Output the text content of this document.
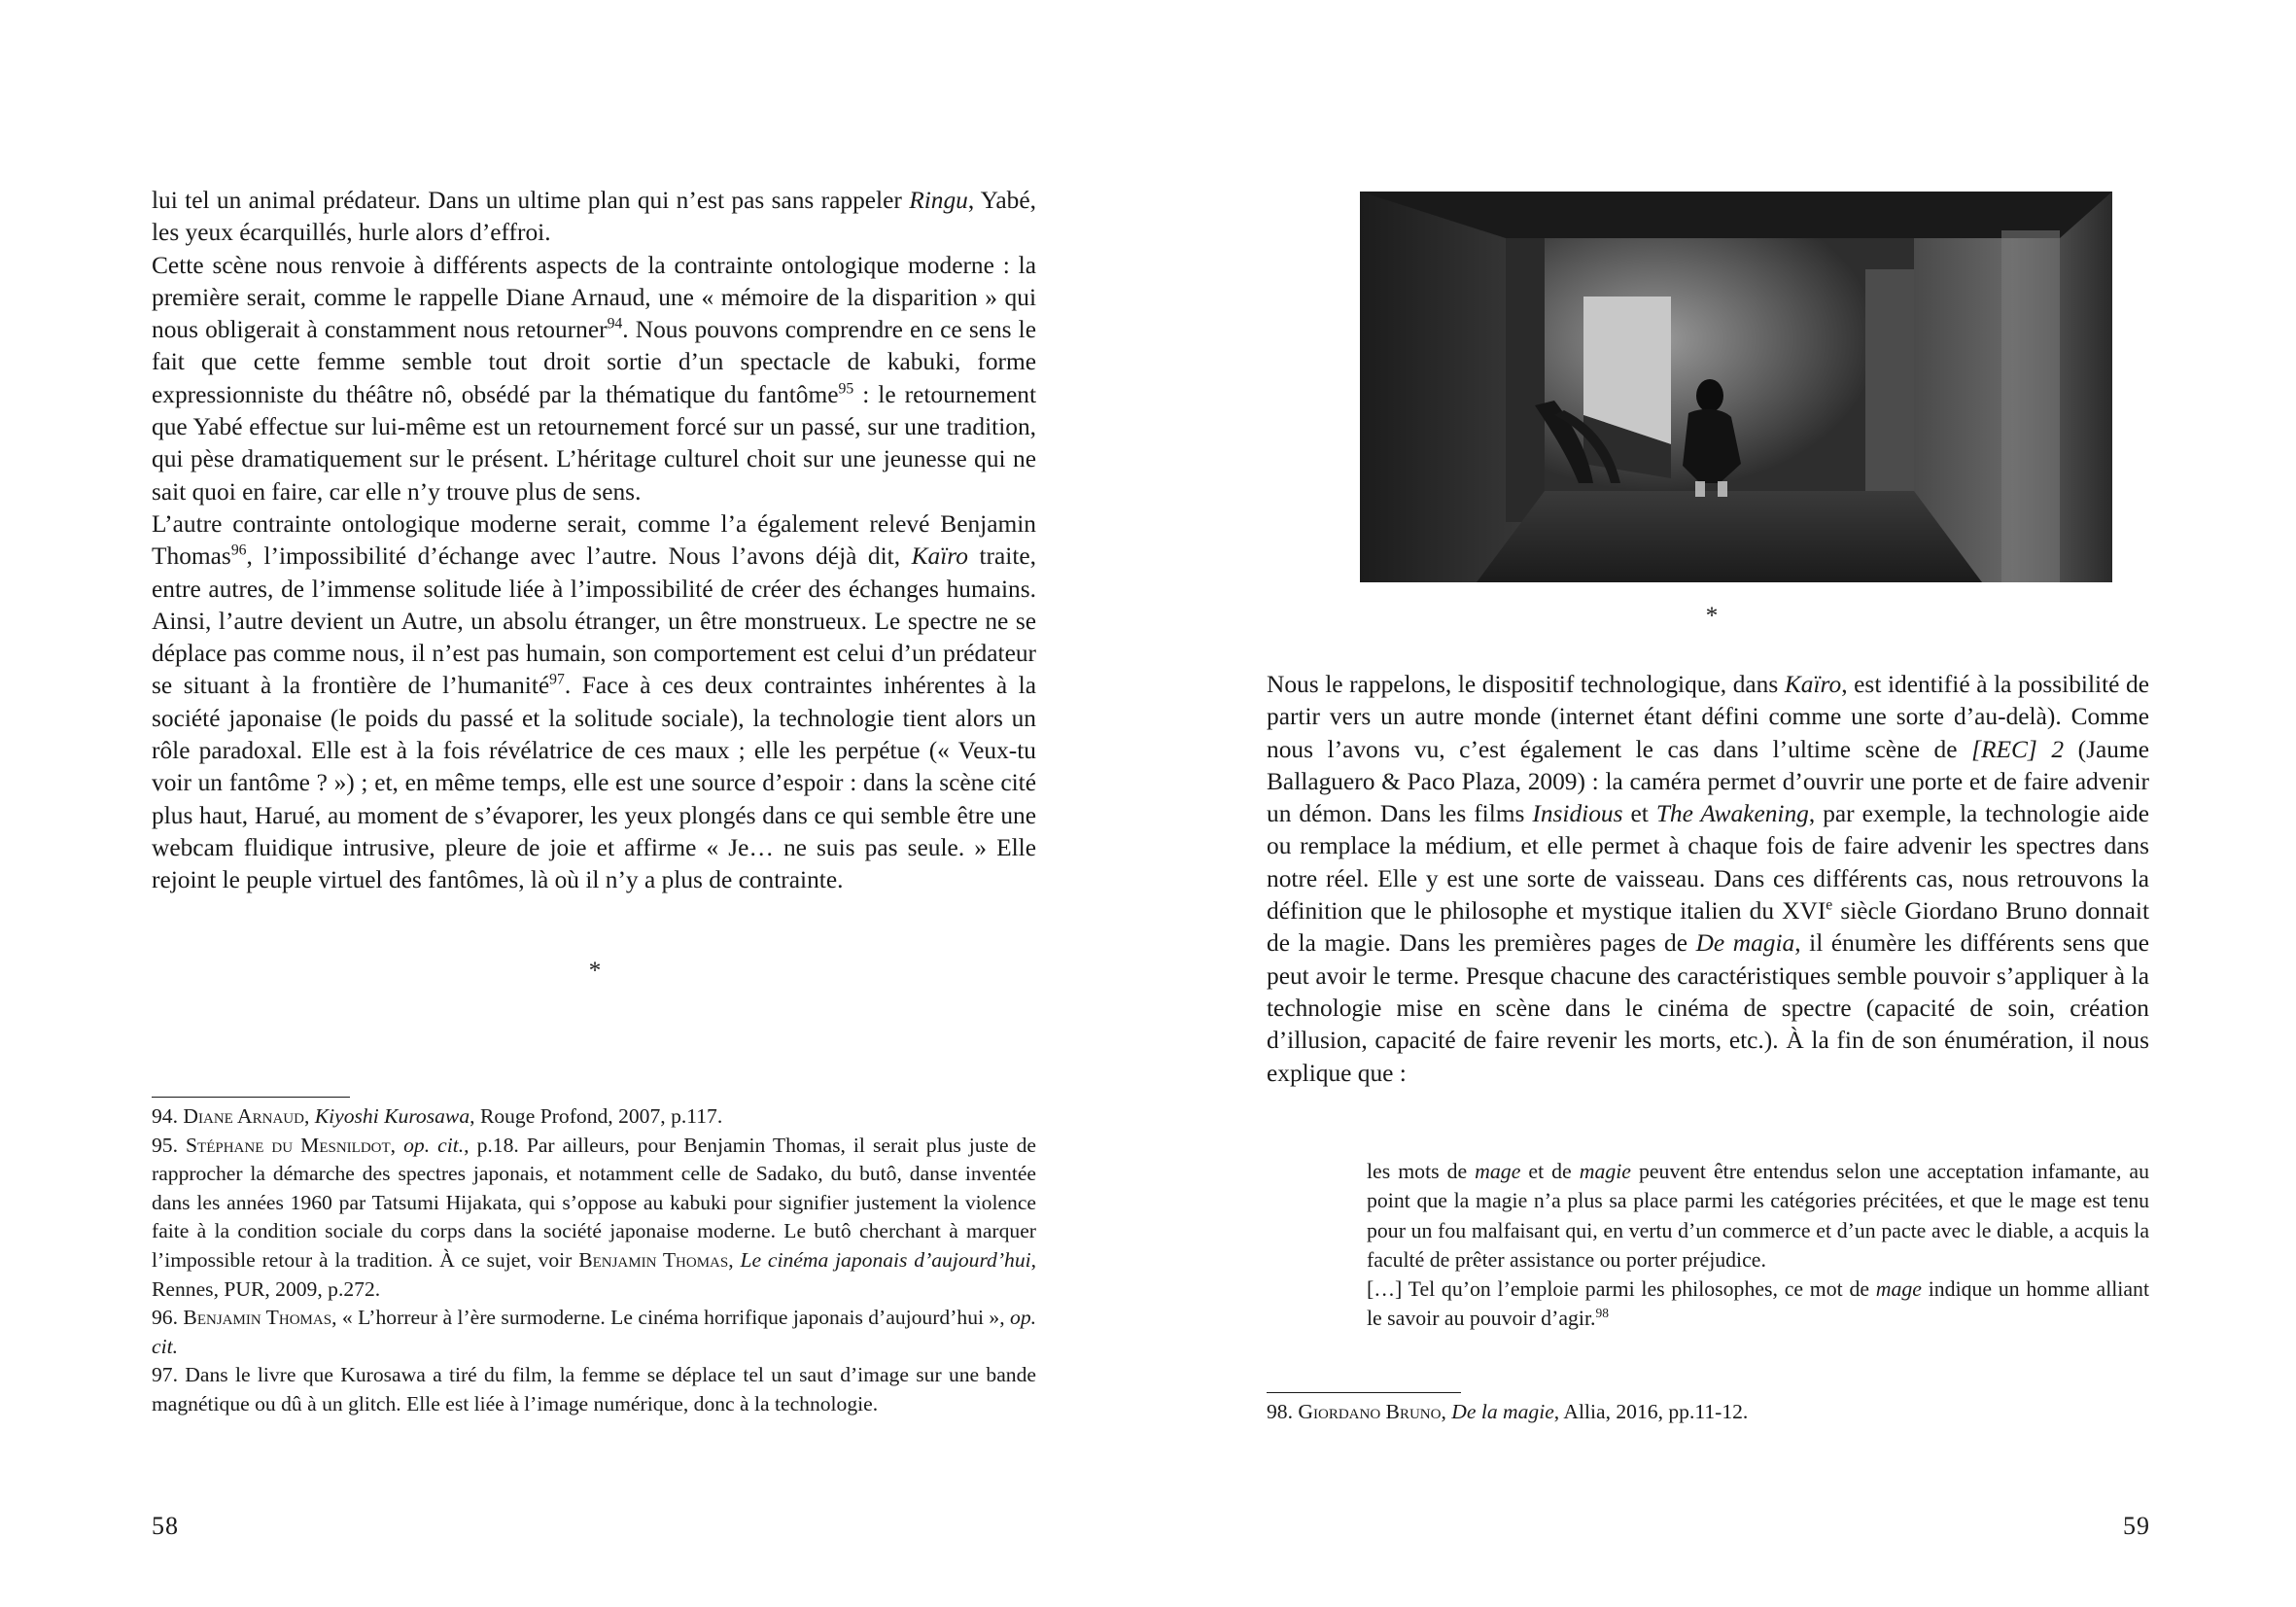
lui tel un animal prédateur. Dans un ultime plan qui n’est pas sans rappeler Ringu, Yabé, les yeux écarquillés, hurle alors d’effroi.

Cette scène nous renvoie à différents aspects de la contrainte ontologique moderne : la première serait, comme le rappelle Diane Arnaud, une « mémoire de la disparition » qui nous obligerait à constamment nous retourner$^{94}$. Nous pouvons comprendre en ce sens le fait que cette femme semble tout droit sortie d’un spectacle de kabuki, forme expressionniste du théâtre nô, obsédé par la thématique du fantôme$^{95}$ : le retournement que Yabé effectue sur lui-même est un retournement forcé sur un passé, sur une tradition, qui pèse dramatiquement sur le présent. L’héritage culturel choit sur une jeunesse qui ne sait quoi en faire, car elle n’y trouve plus de sens.

L’autre contrainte ontologique moderne serait, comme l’a également relevé Benjamin Thomas$^{96}$, l’impossibilité d’échange avec l’autre. Nous l’avons déjà dit, Kaïro traite, entre autres, de l’immense solitude liée à l’impossibilité de créer des échanges humains. Ainsi, l’autre devient un Autre, un absolu étranger, un être monstrueux. Le spectre ne se déplace pas comme nous, il n’est pas humain, son comportement est celui d’un prédateur se situant à la frontière de l’humanité$^{97}$. Face à ces deux contraintes inhérentes à la société japonaise (le poids du passé et la solitude sociale), la technologie tient alors un rôle paradoxal. Elle est à la fois révélatrice de ces maux ; elle les perpétue (« Veux-tu voir un fantôme ? ») ; et, en même temps, elle est une source d’espoir : dans la scène cité plus haut, Harué, au moment de s’évaporer, les yeux plongés dans ce qui semble être une webcam fluidique intrusive, pleure de joie et affirme « Je… ne suis pas seule. » Elle rejoint le peuple virtuel des fantômes, là où il n’y a plus de contrainte.

*

94. Diane Arnaud, Kiyoshi Kurosawa, Rouge Profond, 2007, p.117.

95. Stéphane du Mesnildot, op. cit., p.18. Par ailleurs, pour Benjamin Thomas, il serait plus juste de rapprocher la démarche des spectres japonais, et notamment celle de Sadako, du butô, danse inventée dans les années 1960 par Tatsumi Hijakata, qui s’oppose au kabuki pour signifier justement la violence faite à la condition sociale du corps dans la société japonaise moderne. Le butô cherchant à marquer l’impossible retour à la tradition. À ce sujet, voir Benjamin Thomas, Le cinéma japonais d’aujourd’hui, Rennes, PUR, 2009, p.272.

96. Benjamin Thomas, « L’horreur à l’ère surmoderne. Le cinéma horrifique japonais d’aujourd’hui », op. cit.

97. Dans le livre que Kurosawa a tiré du film, la femme se déplace tel un saut d’image sur une bande magnétique ou dû à un glitch. Elle est liée à l’image numérique, donc à la technologie.

58
*

Nous le rappelons, le dispositif technologique, dans Kaïro, est identifié à la possibilité de partir vers un autre monde (internet étant défini comme une sorte d’au-delà). Comme nous l’avons vu, c’est également le cas dans l’ultime scène de [REC] 2 (Jaume Ballaguero & Paco Plaza, 2009) : la caméra permet d’ouvrir une porte et de faire advenir un démon. Dans les films Insidious et The Awakening, par exemple, la technologie aide ou remplace la médium, et elle permet à chaque fois de faire advenir les spectres dans notre réel. Elle y est une sorte de vaisseau. Dans ces différents cas, nous retrouvons la définition que le philosophe et mystique italien du XVIe siècle Giordano Bruno donnait de la magie. Dans les premières pages de De magia, il énumère les différents sens que peut avoir le terme. Presque chacune des caractéristiques semble pouvoir s’appliquer à la technologie mise en scène dans le cinéma de spectre (capacité de soin, création d’illusion, capacité de faire revenir les morts, etc.). À la fin de son énumération, il nous explique que :

les mots de mage et de magie peuvent être entendus selon une acceptation infamante, au point que la magie n’a plus sa place parmi les catégories précitées, et que le mage est tenu pour un fou malfaisant qui, en vertu d’un commerce et d’un pacte avec le diable, a acquis la faculté de prêter assistance ou porter préjudice.

[…] Tel qu’on l’emploie parmi les philosophes, ce mot de mage indique un homme alliant le savoir au pouvoir d’agir.$^{98}$

98. Giordano Bruno, De la magie, Allia, 2016, pp.11-12.

59
